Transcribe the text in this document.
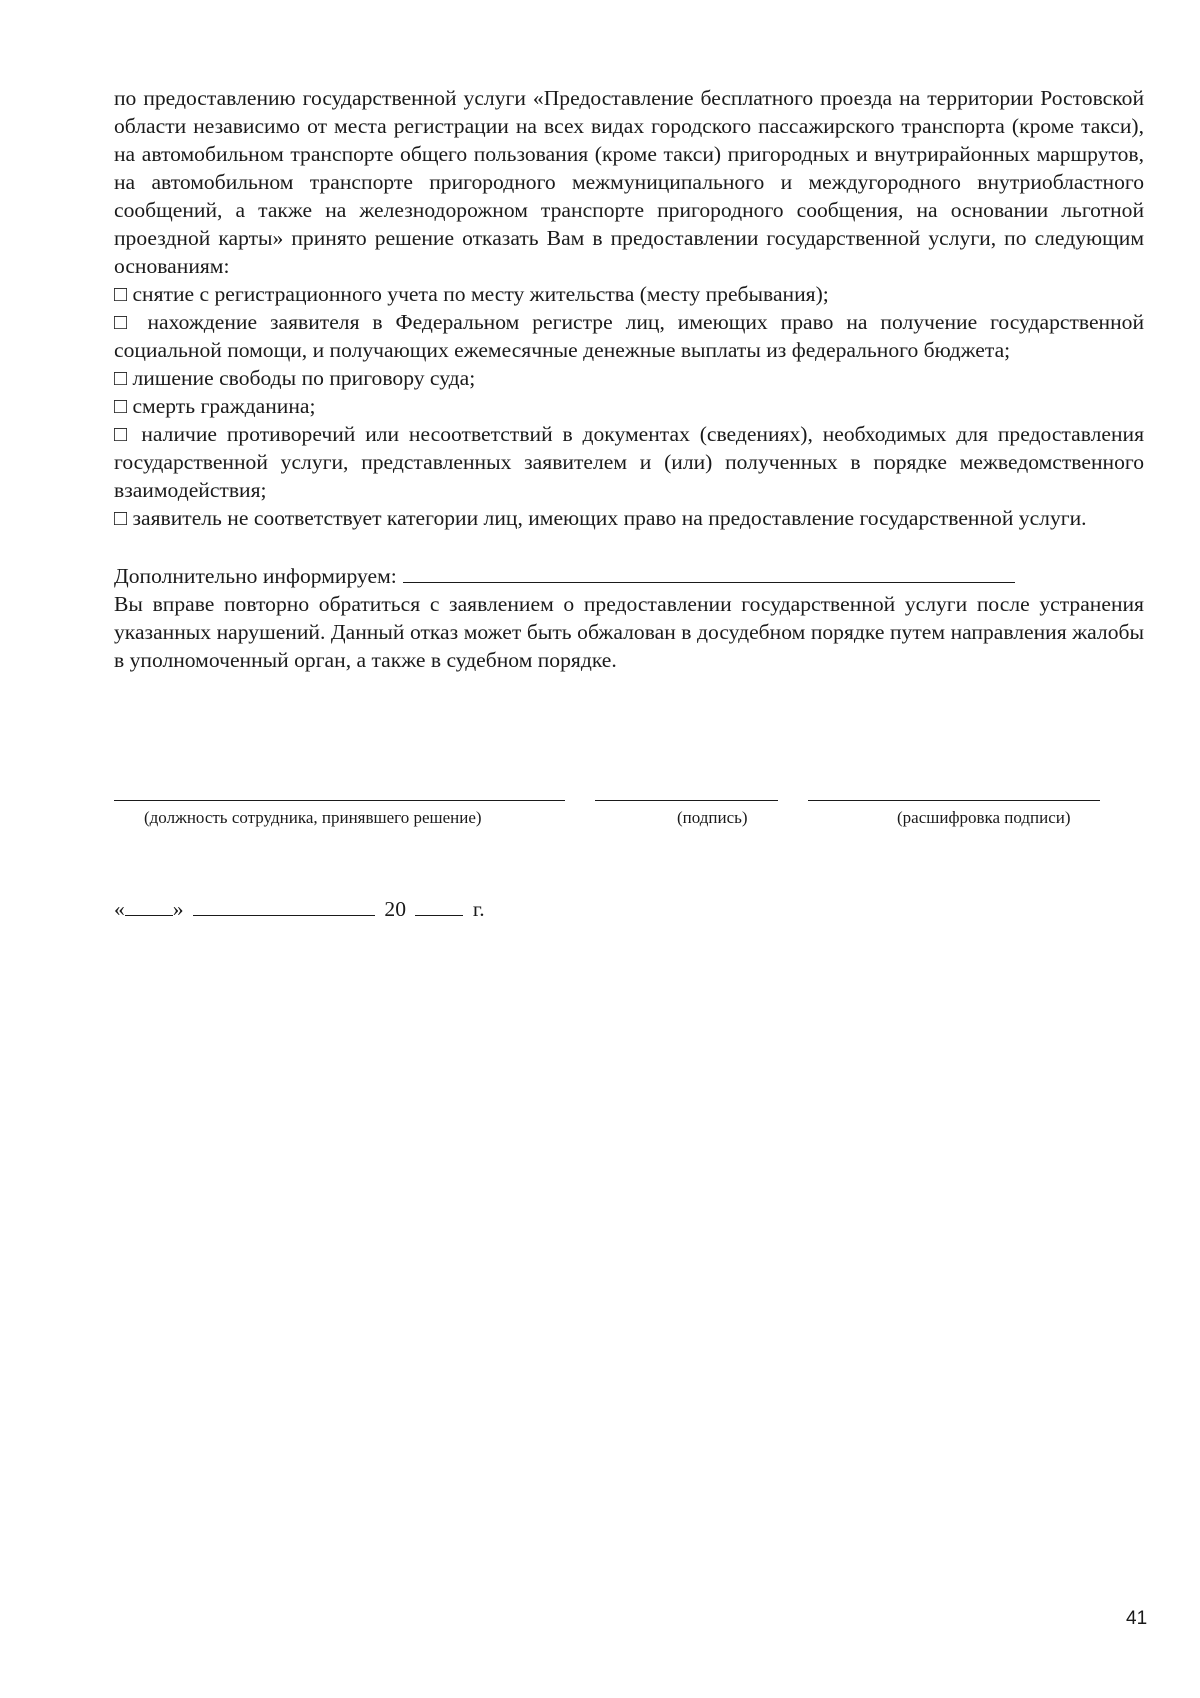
по предоставлению государственной услуги «Предоставление бесплатного проезда на территории Ростовской области независимо от места регистрации на всех видах городского пассажирского транспорта (кроме такси), на автомобильном транспорте общего пользования (кроме такси) пригородных и внутрирайонных маршрутов, на автомобильном транспорте пригородного межмуниципального и междугородного внутриобластного сообщений, а также на железнодорожном транспорте пригородного сообщения, на основании льготной проездной карты» принято решение отказать Вам в предоставлении государственной услуги, по следующим основаниям:

□ снятие с регистрационного учета по месту жительства (месту пребывания);

□ нахождение заявителя в Федеральном регистре лиц, имеющих право на получение государственной социальной помощи, и получающих ежемесячные денежные выплаты из федерального бюджета;

□ лишение свободы по приговору суда;

□ смерть гражданина;

□ наличие противоречий или несоответствий в документах (сведениях), необходимых для предоставления государственной услуги, представленных заявителем и (или) полученных в порядке межведомственного взаимодействия;

□ заявитель не соответствует категории лиц, имеющих право на предоставление государственной услуги.

Дополнительно информируем:

Вы вправе повторно обратиться с заявлением о предоставлении государственной услуги после устранения указанных нарушений. Данный отказ может быть обжалован в досудебном порядке путем направления жалобы в уполномоченный орган, а также в судебном порядке.

(должность сотрудника, принявшего решение)	(подпись)	(расшифровка подписи)
« »	20	г.
41
